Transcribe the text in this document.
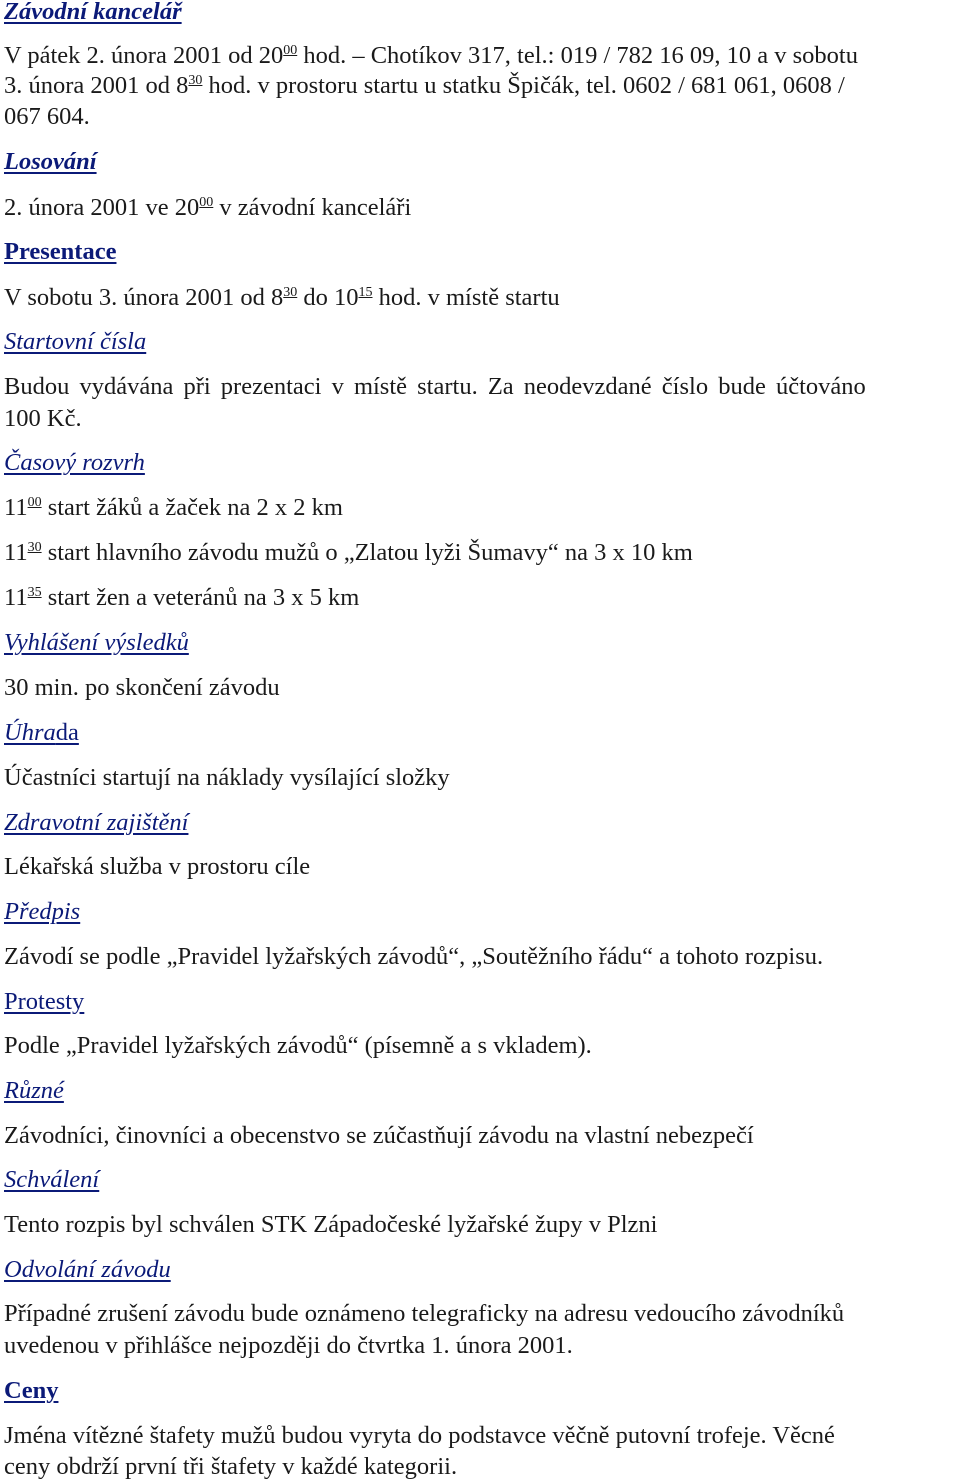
Závodní kancelář
V pátek 2. února 2001 od $20^{00}$ hod. – Chotíkov 317, tel.: 019 / 782 16 09, 10 a v sobotu
3. února 2001 od $8^{30}$ hod. v prostoru startu u statku Špičák, tel. 0602 / 681 061, 0608 /
067 604.
Losování
2. února 2001 ve $20^{00}$ v závodní kanceláři
Presentace
V sobotu 3. února 2001 od $8^{30}$ do $10^{15}$ hod. v místě startu
Startovní čísla
Budou vydávána při prezentaci v místě startu. Za neodevzdané číslo bude účtováno
100 Kč.
Časový rozvrh
$11^{00}$ start žáků a žaček na 2 x 2 km
$11^{30}$ start hlavního závodu mužů o „Zlatou lyži Šumavy“ na 3 x 10 km
$11^{35}$ start žen a veteránů na 3 x 5 km
Vyhlášení výsledků
30 min. po skončení závodu
Úhrada
Účastníci startují na náklady vysílající složky
Zdravotní zajištění
Lékařská služba v prostoru cíle
Předpis
Závodí se podle „Pravidel lyžařských závodů“, „Soutěžního řádu“ a tohoto rozpisu.
Protesty
Podle „Pravidel lyžařských závodů“ (písemně a s vkladem).
Různé
Závodníci, činovníci a obecenstvo se zúčastňují závodu na vlastní nebezpečí
Schválení
Tento rozpis byl schválen STK Západočeské lyžařské župy v Plzni
Odvolání závodu
Případné zrušení závodu bude oznámeno telegraficky na adresu vedoucího závodníků
uvedenou v přihlášce nejpozději do čtvrtka 1. února 2001.
Ceny
Jména vítězné štafety mužů budou vyryta do podstavce věčně putovní trofeje. Věcné
ceny obdrží první tři štafety v každé kategorii.
